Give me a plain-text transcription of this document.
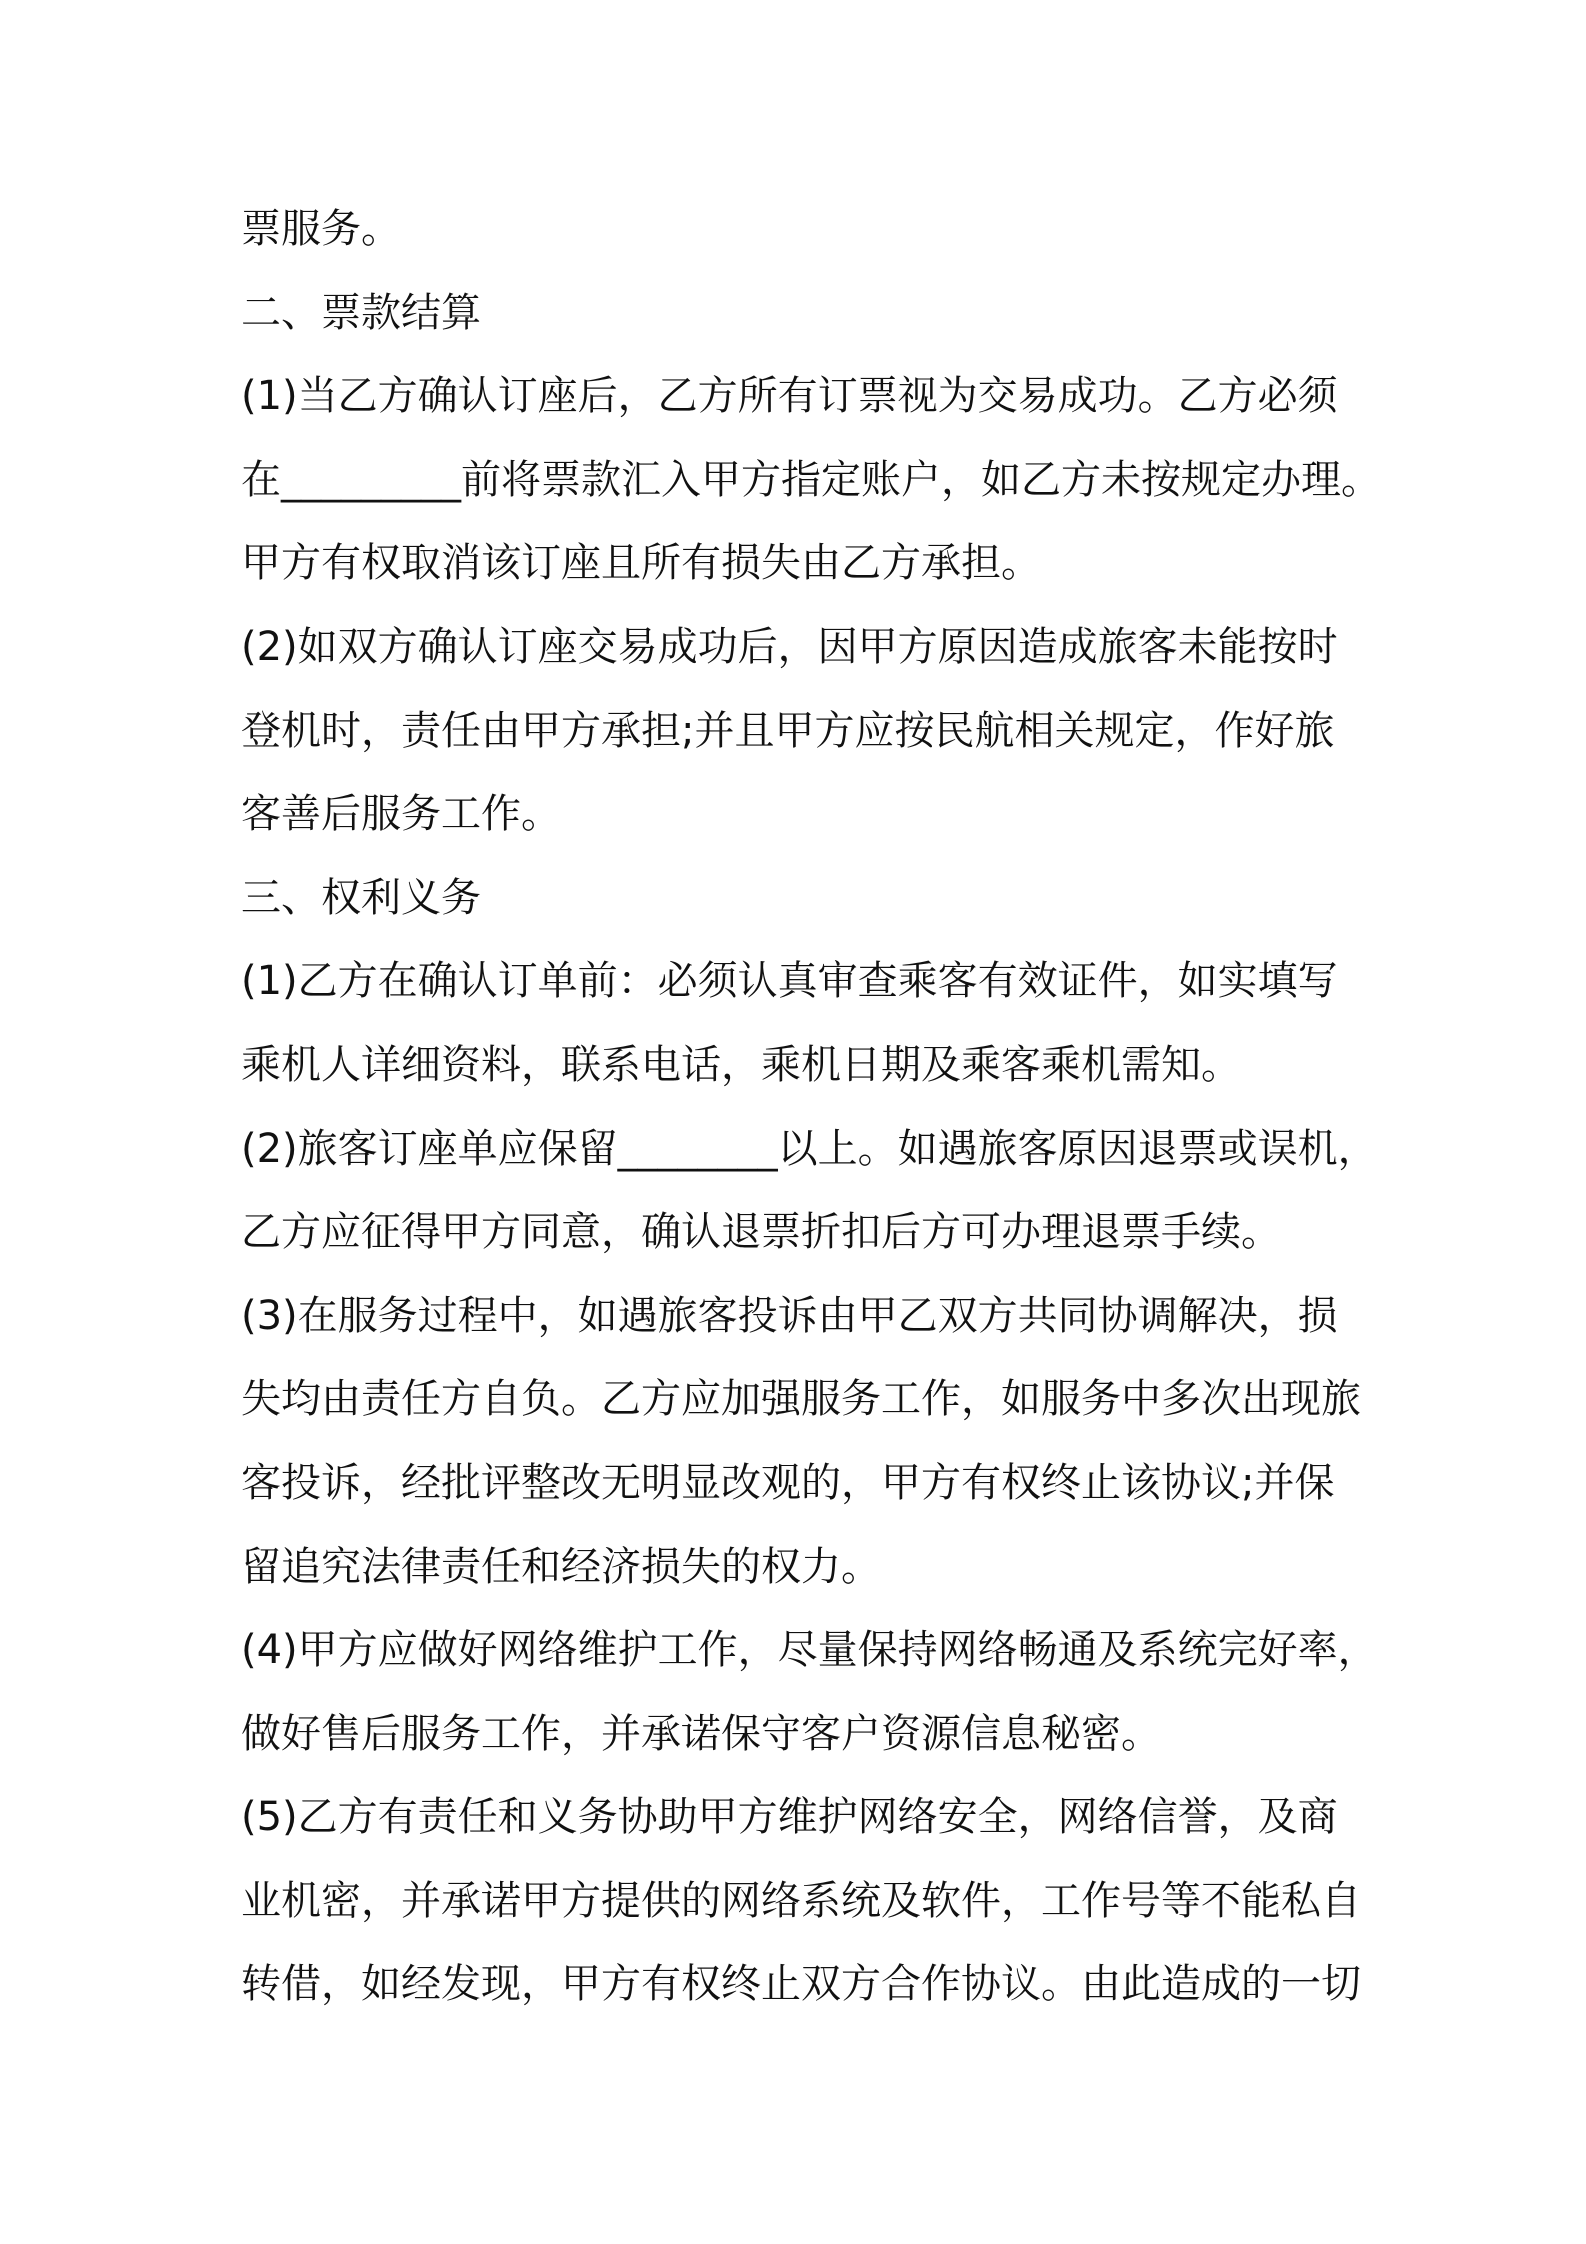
票服务。
二、票款结算
(1)当乙方确认订座后，乙方所有订票视为交易成功。乙方必须
在_________前将票款汇入甲方指定账户，如乙方未按规定办理。
甲方有权取消该订座且所有损失由乙方承担。
(2)如双方确认订座交易成功后，因甲方原因造成旅客未能按时
登机时，责任由甲方承担;并且甲方应按民航相关规定，作好旅
客善后服务工作。
三、权利义务
(1)乙方在确认订单前：必须认真审查乘客有效证件，如实填写
乘机人详细资料，联系电话，乘机日期及乘客乘机需知。
(2)旅客订座单应保留________以上。如遇旅客原因退票或误机，
乙方应征得甲方同意，确认退票折扣后方可办理退票手续。
(3)在服务过程中，如遇旅客投诉由甲乙双方共同协调解决，损
失均由责任方自负。乙方应加强服务工作，如服务中多次出现旅
客投诉，经批评整改无明显改观的，甲方有权终止该协议;并保
留追究法律责任和经济损失的权力。
(4)甲方应做好网络维护工作，尽量保持网络畅通及系统完好率，
做好售后服务工作，并承诺保守客户资源信息秘密。
(5)乙方有责任和义务协助甲方维护网络安全，网络信誉，及商
业机密，并承诺甲方提供的网络系统及软件，工作号等不能私自
转借，如经发现，甲方有权终止双方合作协议。由此造成的一切
